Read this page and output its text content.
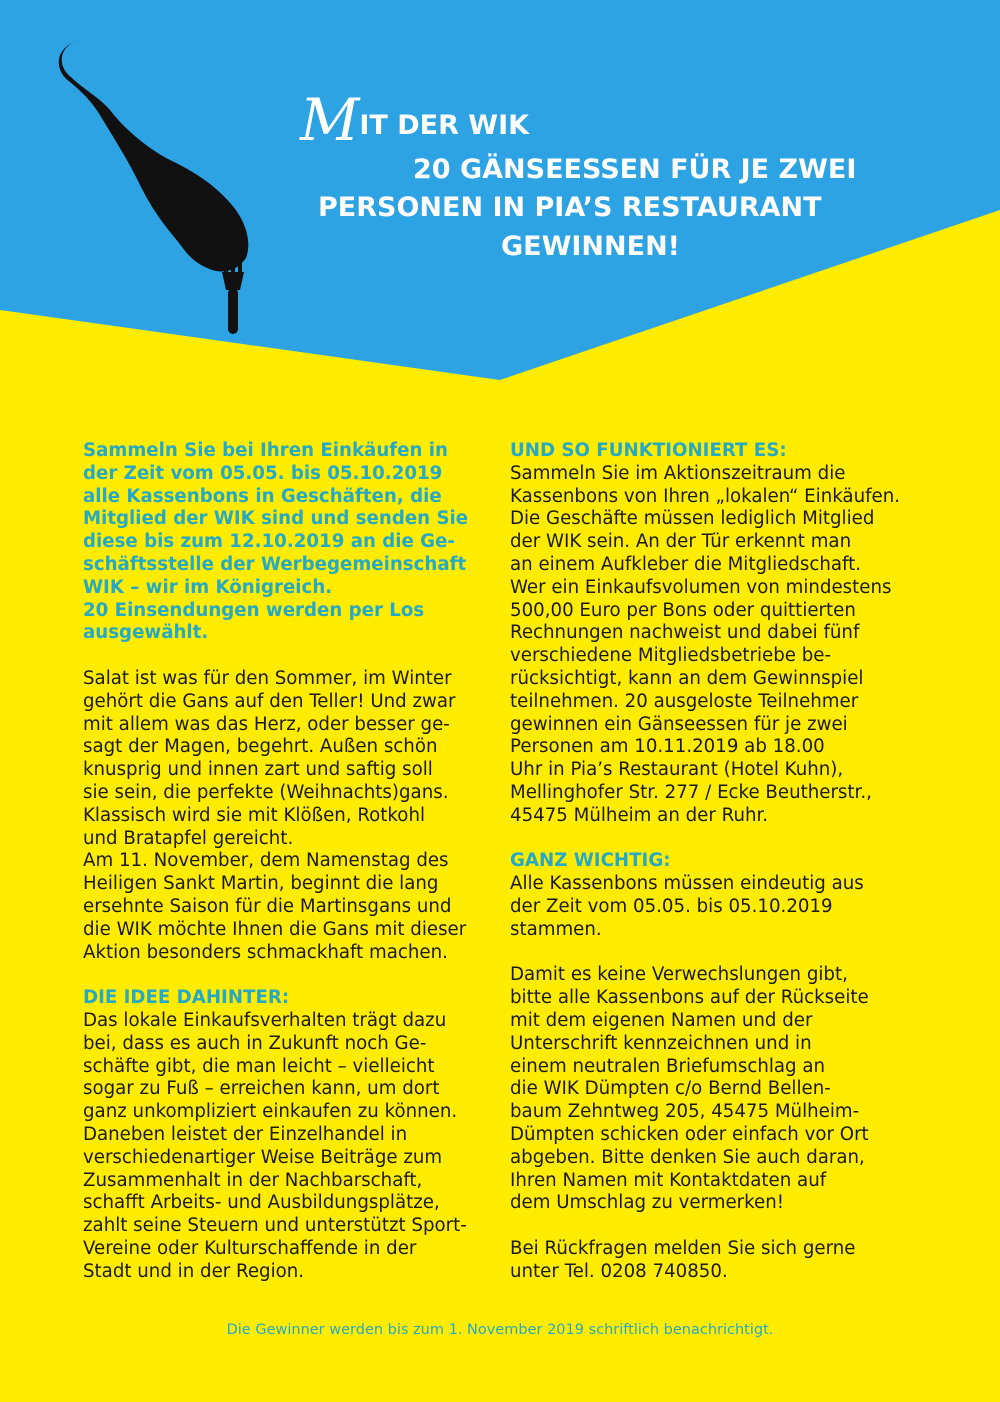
MIT DER WIK
20 GÄNSEESSEN FÜR JE ZWEI
PERSONEN IN PIA’S RESTAURANT
GEWINNEN!

Sammeln Sie bei Ihren Einkäufen in

der Zeit vom 05.05. bis 05.10.2019

alle Kassenbons in Geschäften, die

Mitglied der WIK sind und senden Sie

diese bis zum 12.10.2019 an die Ge-

schäftsstelle der Werbegemeinschaft

WIK – wir im Königreich.

20 Einsendungen werden per Los

ausgewählt.

Salat ist was für den Sommer, im Winter

gehört die Gans auf den Teller! Und zwar

mit allem was das Herz, oder besser ge-

sagt der Magen, begehrt. Außen schön

knusprig und innen zart und saftig soll

sie sein, die perfekte (Weihnachts)gans.

Klassisch wird sie mit Klößen, Rotkohl

und Bratapfel gereicht.

Am 11. November, dem Namenstag des

Heiligen Sankt Martin, beginnt die lang

ersehnte Saison für die Martinsgans und

die WIK möchte Ihnen die Gans mit dieser

Aktion besonders schmackhaft machen.

DIE IDEE DAHINTER:

Das lokale Einkaufsverhalten trägt dazu

bei, dass es auch in Zukunft noch Ge-

schäfte gibt, die man leicht – vielleicht

sogar zu Fuß – erreichen kann, um dort

ganz unkompliziert einkaufen zu können.

Daneben leistet der Einzelhandel in

verschiedenartiger Weise Beiträge zum

Zusammenhalt in der Nachbarschaft,

schafft Arbeits- und Ausbildungsplätze,

zahlt seine Steuern und unterstützt Sport-

Vereine oder Kulturschaffende in der

Stadt und in der Region.

UND SO FUNKTIONIERT ES:

Sammeln Sie im Aktionszeitraum die

Kassenbons von Ihren „lokalen“ Einkäufen.

Die Geschäfte müssen lediglich Mitglied

der WIK sein. An der Tür erkennt man

an einem Aufkleber die Mitgliedschaft.

Wer ein Einkaufsvolumen von mindestens

500,00 Euro per Bons oder quittierten

Rechnungen nachweist und dabei fünf

verschiedene Mitgliedsbetriebe be-

rücksichtigt, kann an dem Gewinnspiel

teilnehmen. 20 ausgeloste Teilnehmer

gewinnen ein Gänseessen für je zwei

Personen am 10.11.2019 ab 18.00

Uhr in Pia’s Restaurant (Hotel Kuhn),

Mellinghofer Str. 277 / Ecke Beutherstr.,

45475 Mülheim an der Ruhr.

GANZ WICHTIG:

Alle Kassenbons müssen eindeutig aus

der Zeit vom 05.05. bis 05.10.2019

stammen.

Damit es keine Verwechslungen gibt,

bitte alle Kassenbons auf der Rückseite

mit dem eigenen Namen und der

Unterschrift kennzeichnen und in

einem neutralen Briefumschlag an

die WIK Dümpten c/o Bernd Bellen-

baum Zehntweg 205, 45475 Mülheim-

Dümpten schicken oder einfach vor Ort

abgeben. Bitte denken Sie auch daran,

Ihren Namen mit Kontaktdaten auf

dem Umschlag zu vermerken!

Bei Rückfragen melden Sie sich gerne

unter Tel. 0208 740850.

Die Gewinner werden bis zum 1. November 2019 schriftlich benachrichtigt.
